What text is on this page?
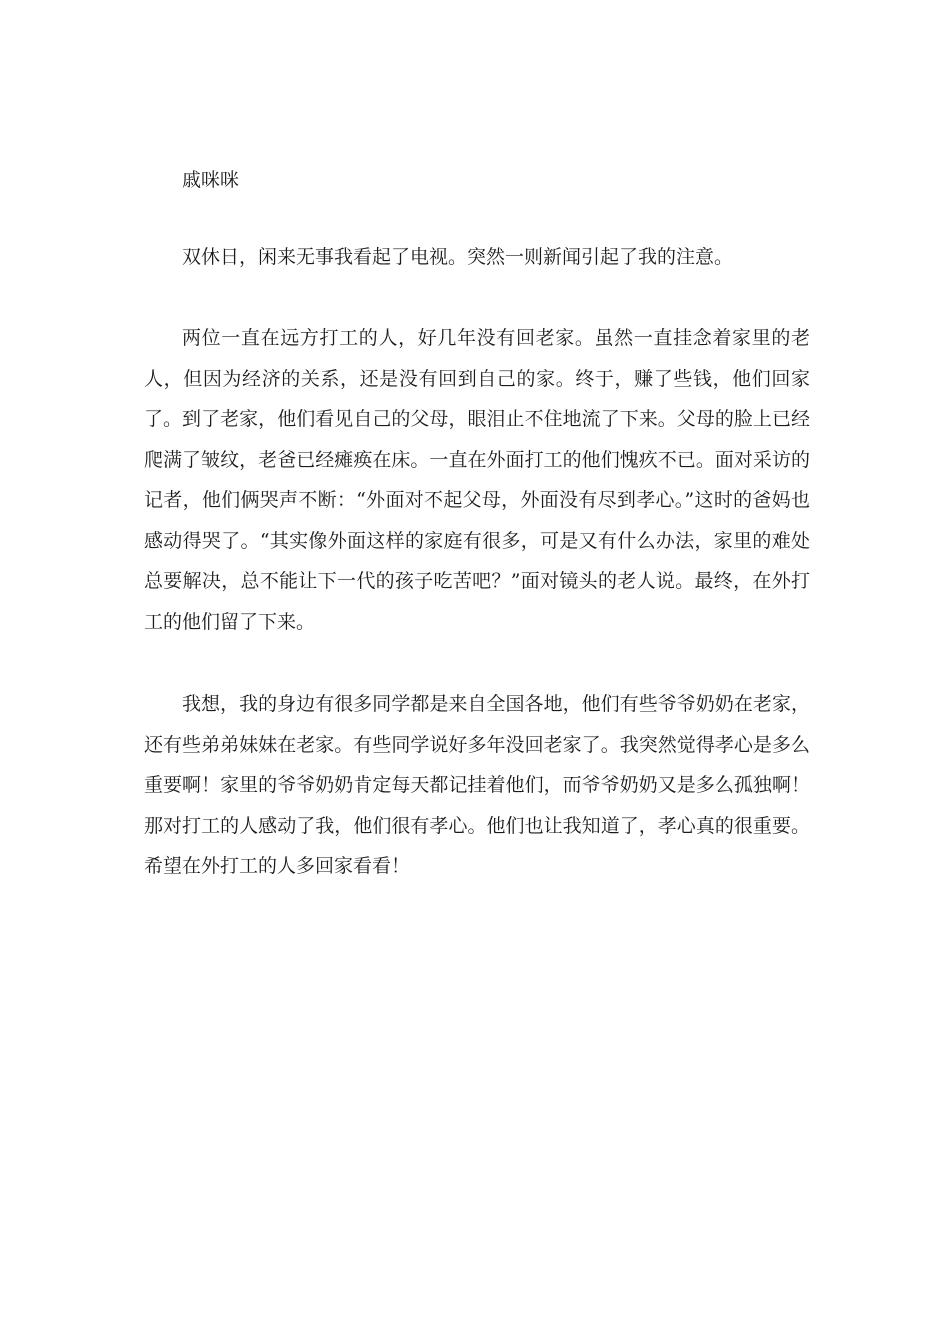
戚咪咪

双休日，闲来无事我看起了电视。突然一则新闻引起了我的注意。

两位一直在远方打工的人，好几年没有回老家。虽然一直挂念着家里的老人，但因为经济的关系，还是没有回到自己的家。终于，赚了些钱，他们回家了。到了老家，他们看见自己的父母，眼泪止不住地流了下来。父母的脸上已经爬满了皱纹，老爸已经瘫痪在床。一直在外面打工的他们愧疚不已。面对采访的记者，他们俩哭声不断：“外面对不起父母，外面没有尽到孝心。”这时的爸妈也感动得哭了。“其实像外面这样的家庭有很多，可是又有什么办法，家里的难处总要解决，总不能让下一代的孩子吃苦吧？”面对镜头的老人说。最终，在外打工的他们留了下来。

我想，我的身边有很多同学都是来自全国各地，他们有些爷爷奶奶在老家，还有些弟弟妹妹在老家。有些同学说好多年没回老家了。我突然觉得孝心是多么重要啊！家里的爷爷奶奶肯定每天都记挂着他们，而爷爷奶奶又是多么孤独啊！那对打工的人感动了我，他们很有孝心。他们也让我知道了，孝心真的很重要。希望在外打工的人多回家看看！
